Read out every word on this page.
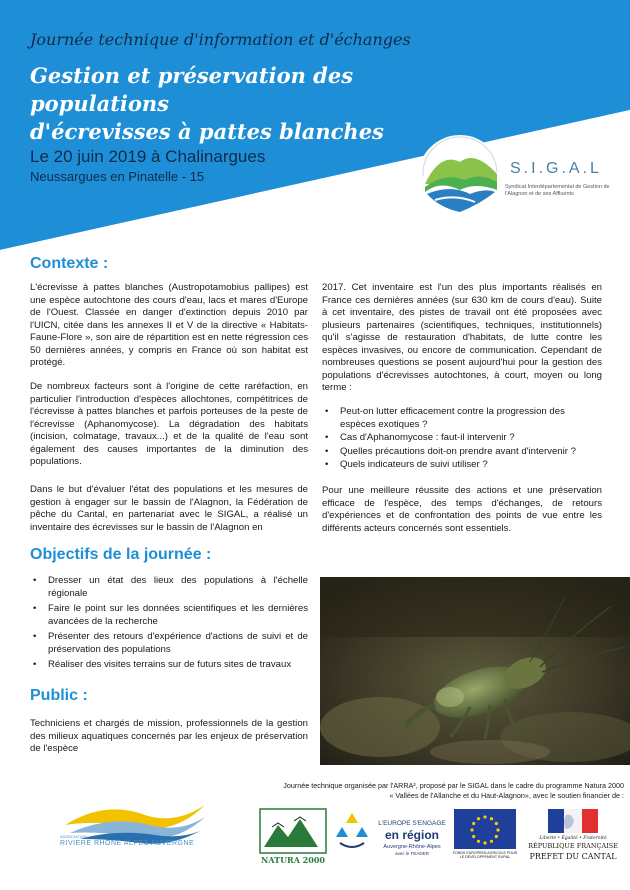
Journée technique d'information et d'échanges
Gestion et préservation des populations
d'écrevisses à pattes blanches
Le 20 juin 2019 à Chalinargues
Neussargues en Pinatelle - 15	S.I.G.A.L
Syndicat Interdépartemental de Gestion de l'Alagnon et de ses Affluents
Contexte :

L'écrevisse à pattes blanches (Austropotamobius pallipes) est une espèce autochtone des cours d'eau, lacs et mares d'Europe de l'Ouest. Classée en danger d'extinction depuis 2010 par l'UICN, citée dans les annexes II et V de la directive « Habitats-Faune-Flore », son aire de répartition est en nette régression ces 50 dernières années, y compris en France où son habitat est protégé.

De nombreux facteurs sont à l'origine de cette raréfaction, en particulier l'introduction d'espèces allochtones, compétitrices de l'écrevisse à pattes blanches et parfois porteuses de la peste de l'écrevisse (Aphanomycose). La dégradation des habitats (incision, colmatage, travaux...) et de la qualité de l'eau sont également des causes importantes de la diminution des populations.

Dans le but d'évaluer l'état des populations et les mesures de gestion à engager sur le bassin de l'Alagnon, la Fédération de pêche du Cantal, en partenariat avec le SIGAL, a réalisé un inventaire des écrevisses sur le bassin de l'Alagnon en

2017. Cet inventaire est l'un des plus importants réalisés en France ces dernières années (sur 630 km de cours d'eau). Suite à cet inventaire, des pistes de travail ont été proposées avec plusieurs partenaires (scientifiques, techniques, institutionnels) qu'il s'agisse de restauration d'habitats, de lutte contre les espèces invasives, ou encore de communication. Cependant de nombreuses questions se posent aujourd'hui pour la gestion des populations d'écrevisses autochtones, à court, moyen ou long terme :

• Peut-on lutter efficacement contre la progression des espèces exotiques ?
• Cas d'Aphanomycose : faut-il intervenir ?
• Quelles précautions doit-on prendre avant d'intervenir ?
• Quels indicateurs de suivi utiliser ?

Pour une meilleure réussite des actions et une préservation efficace de l'espèce, des temps d'échanges, de retours d'expériences et de confrontation des points de vue entre les différents acteurs concernés sont essentiels.

Objectifs de la journée :
• Dresser un état des lieux des populations à l'échelle régionale
• Faire le point sur les données scientifiques et les dernières avancées de la recherche
• Présenter des retours d'expérience d'actions de suivi et de préservation des populations
• Réaliser des visites terrains sur de futurs sites de travaux
Public :

Techniciens et chargés de mission, professionnels de la gestion des milieux aquatiques concernés par les enjeux de préservation de l'espèce

Journée technique organisée par l'ARRA², proposé par le SIGAL dans le cadre du programme Natura 2000
« Vallées de l'Allanche et du Haut-Alagnon», avec le soutien financier de :
ASSOCIATION
RIVIERE RHONE ALPES AUVERGNE
NATURA 2000
L'EUROPE S'ENGAGE
en région
Auvergne-Rhône-Alpes
avec le FEADER	FONDS EUROPÉEN AGRICOLE POUR LE DÉVELOPPEMENT RURAL
Liberté • Égalité • Fraternité
RÉPUBLIQUE FRANÇAISE
PREFET DU CANTAL
